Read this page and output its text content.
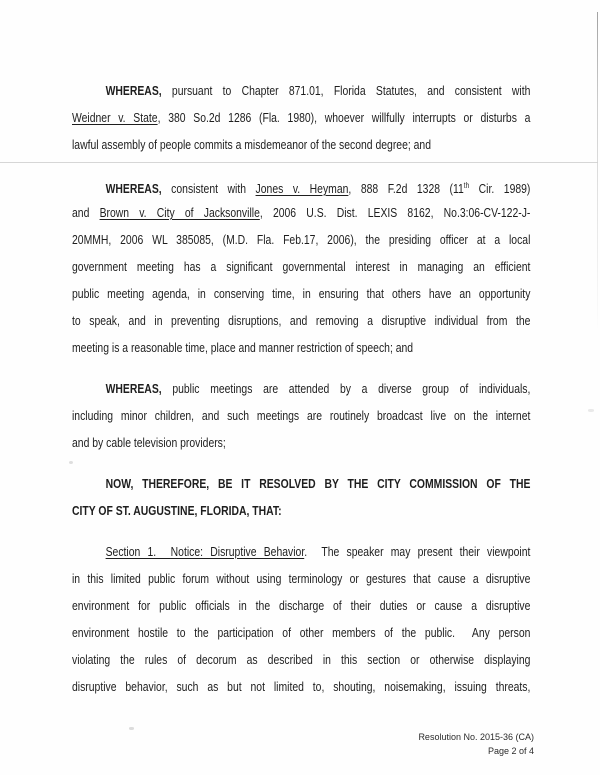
WHEREAS, pursuant to Chapter 871.01, Florida Statutes, and consistent with
Weidner v. State, 380 So.2d 1286 (Fla. 1980), whoever willfully interrupts or disturbs a
lawful assembly of people commits a misdemeanor of the second degree; and
WHEREAS, consistent with Jones v. Heyman, 888 F.2d 1328 (11th Cir. 1989)
and Brown v. City of Jacksonville, 2006 U.S. Dist. LEXIS 8162, No.3:06-CV-122-J-
20MMH, 2006 WL 385085, (M.D. Fla. Feb.17, 2006), the presiding officer at a local
government meeting has a significant governmental interest in managing an efficient
public meeting agenda, in conserving time, in ensuring that others have an opportunity
to speak, and in preventing disruptions, and removing a disruptive individual from the
meeting is a reasonable time, place and manner restriction of speech; and
WHEREAS, public meetings are attended by a diverse group of individuals,
including minor children, and such meetings are routinely broadcast live on the internet
and by cable television providers;
NOW, THEREFORE, BE IT RESOLVED BY THE CITY COMMISSION OF THE
CITY OF ST. AUGUSTINE, FLORIDA, THAT:
Section 1.  Notice: Disruptive Behavior.  The speaker may present their viewpoint
in this limited public forum without using terminology or gestures that cause a disruptive
environment for public officials in the discharge of their duties or cause a disruptive
environment hostile to the participation of other members of the public.  Any person
violating the rules of decorum as described in this section or otherwise displaying
disruptive behavior, such as but not limited to, shouting, noisemaking, issuing threats,
Resolution No. 2015-36 (CA)
Page 2 of 4
